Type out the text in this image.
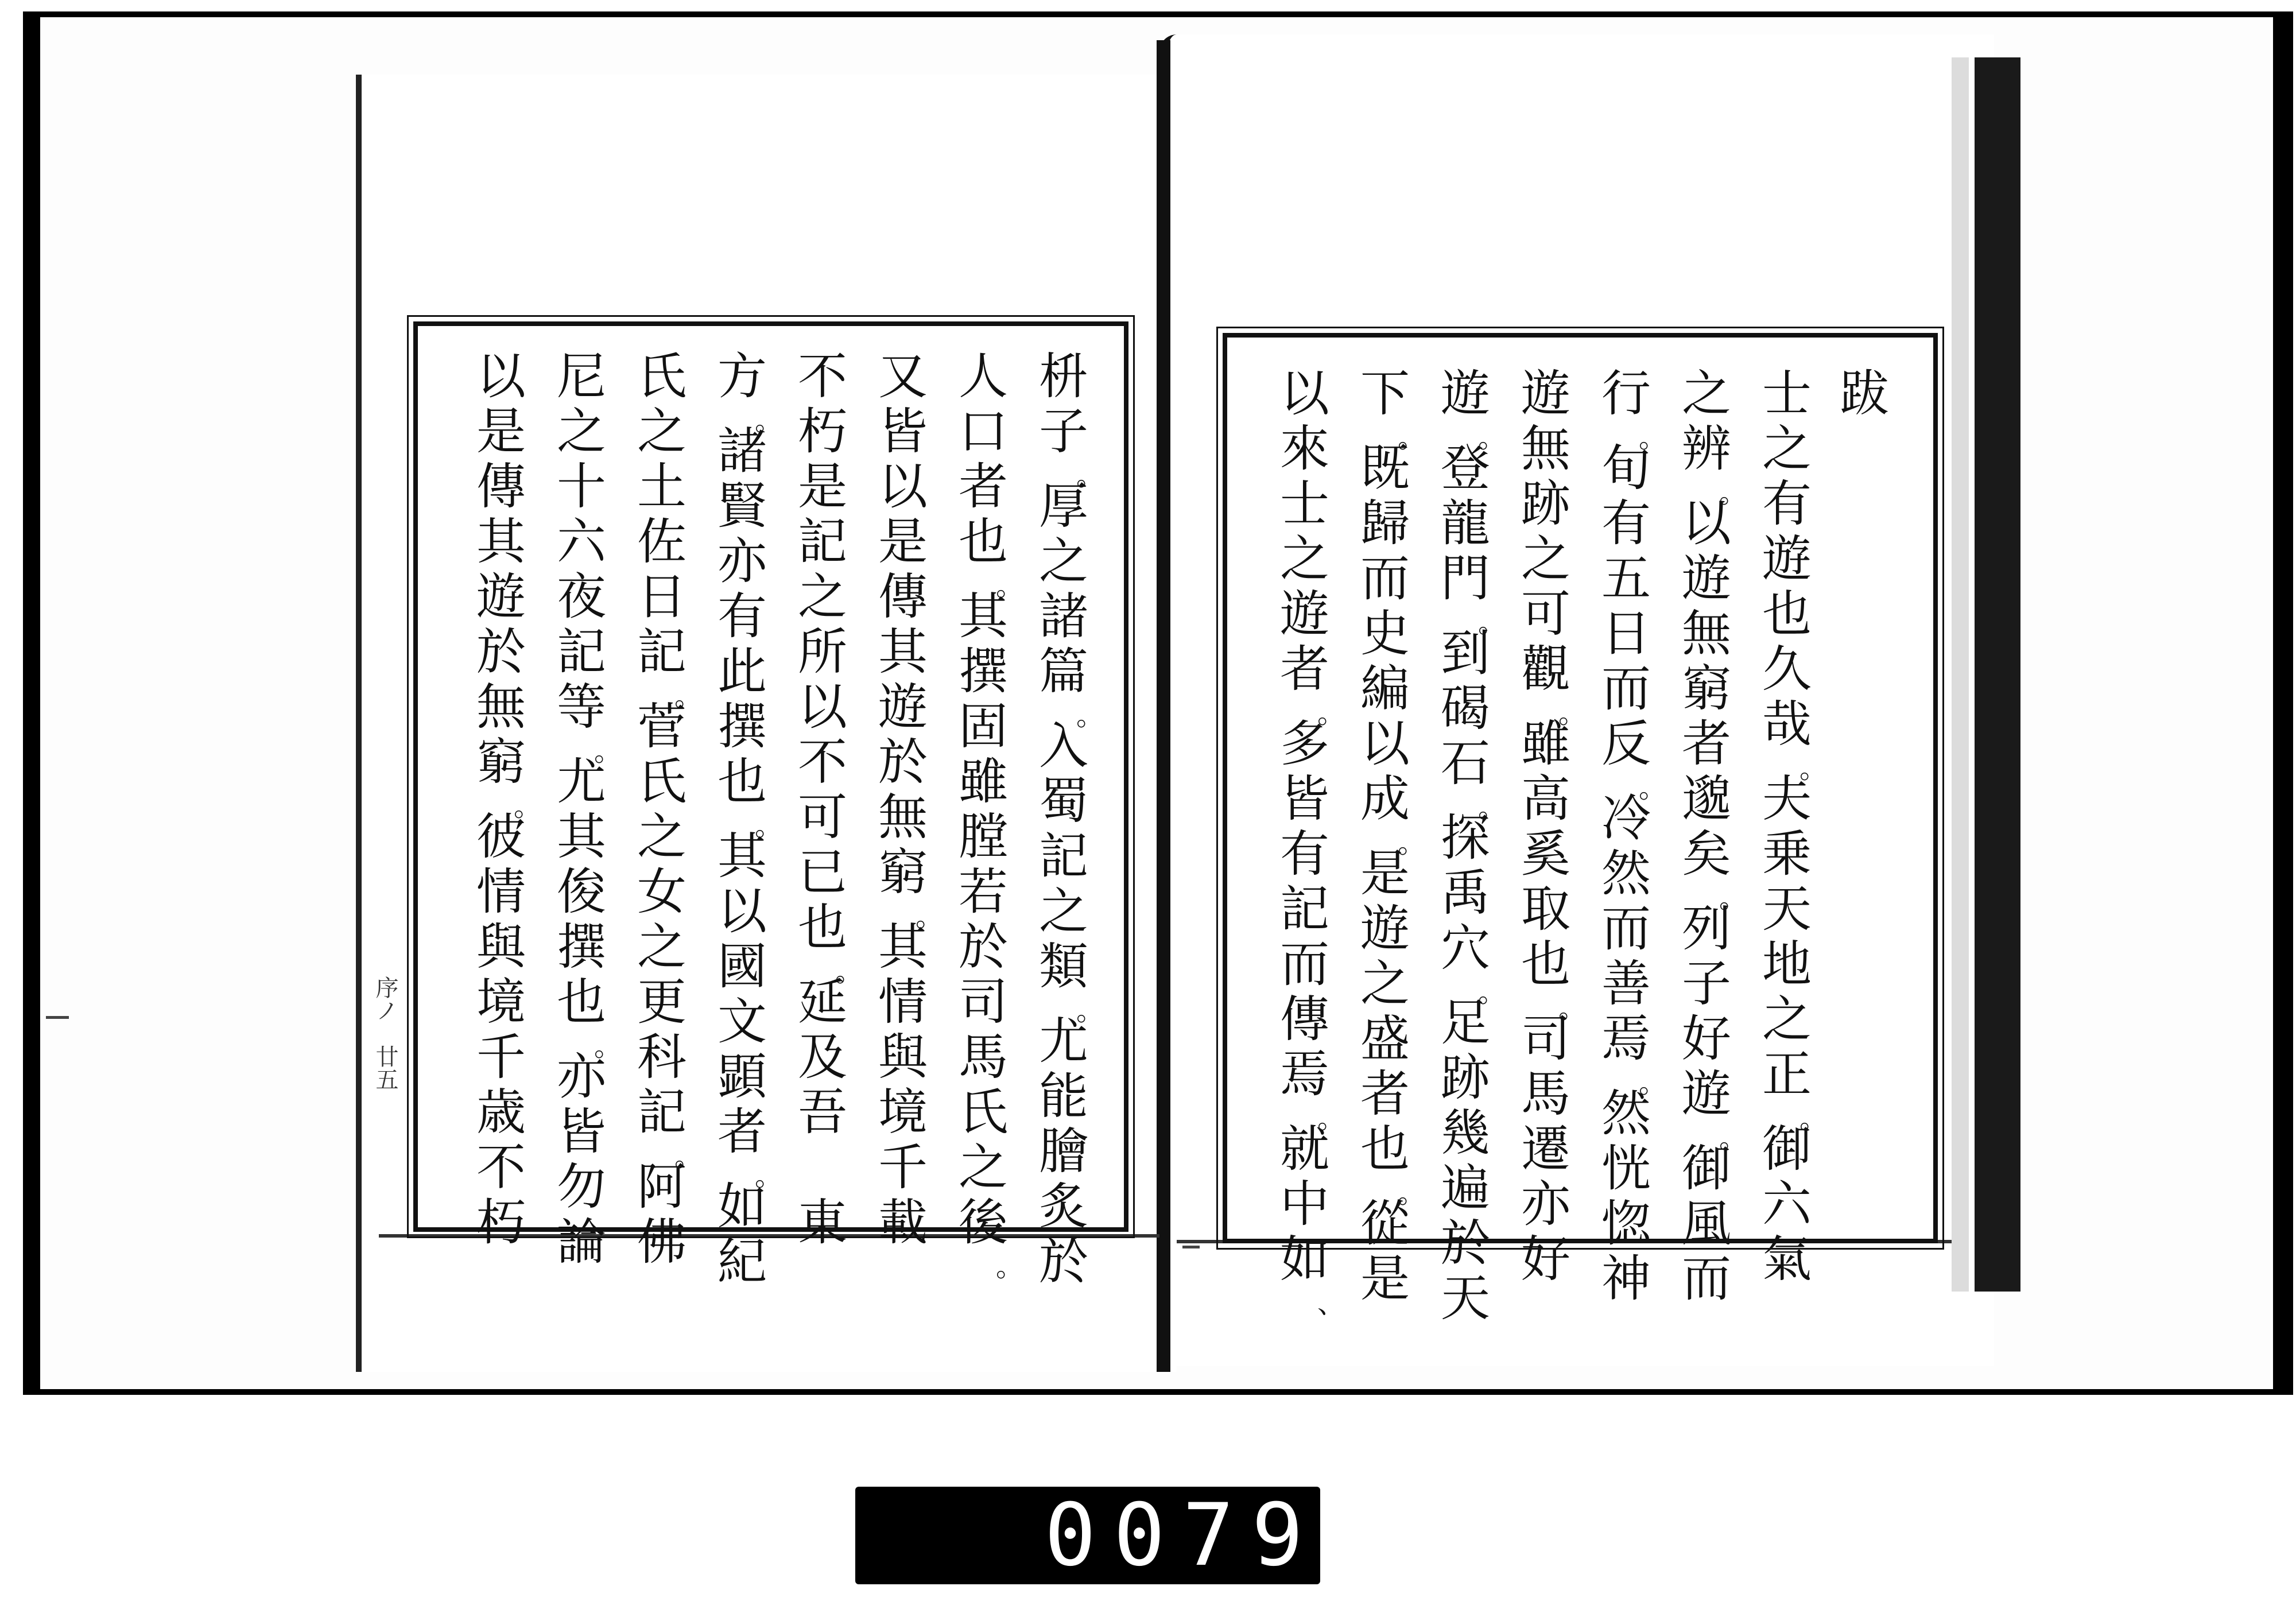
序ノ　廿五
枡
子
。
厚
之
諸
篇
。
入
蜀
記
之
類
。
尤
能
膾
炙
於
人
口
者
也
。
其
撰
固
雖
膛
若
於
司
馬
氏
之
後
。
又
皆
以
是
傳
其
遊
於
無
窮
。
其
情
與
境
千
載
不
朽
是
記
之
所
以
不
可
已
也
。
延
及
吾

東
方
。
諸
賢
亦
有
此
撰
也
。
其
以
國
文
顕
者
。
如
紀
氏
之
土
佐
日
記
。
菅
氏
之
女
之
更
科
記
。
阿
佛
尼
之
十
六
夜
記
等
。
尤
其
俊
撰
也
。
亦
皆
勿
論
以
是
傳
其
遊
於
無
窮
。
彼
情
與
境
千
歳
不
朽
跋
士
之
有
遊
也
久
哉
。
夫
乗
天
地
之
正
。
御
六
氣
之
辨
。
以
遊
無
窮
者
邈
矣
。
列
子
好
遊
。
御
風
而
行
。
旬
有
五
日
而
反
。
冷
然
而
善
焉
。
然
恍
惚
神
遊
無
跡
之
可
觀
。
雖
高
奚
取
也
。
司
馬
遷
亦
好
遊
。
登
龍
門
。
到
碣
石
。
探
禹
穴
。
足
跡
幾
遍
於
天
下
。
既
歸
而
史
編
以
成
。
是
遊
之
盛
者
也
。
從
是
以
來
士
之
遊
者
。
多
皆
有
記
而
傳
焉
。
就
中
如
、
0079
